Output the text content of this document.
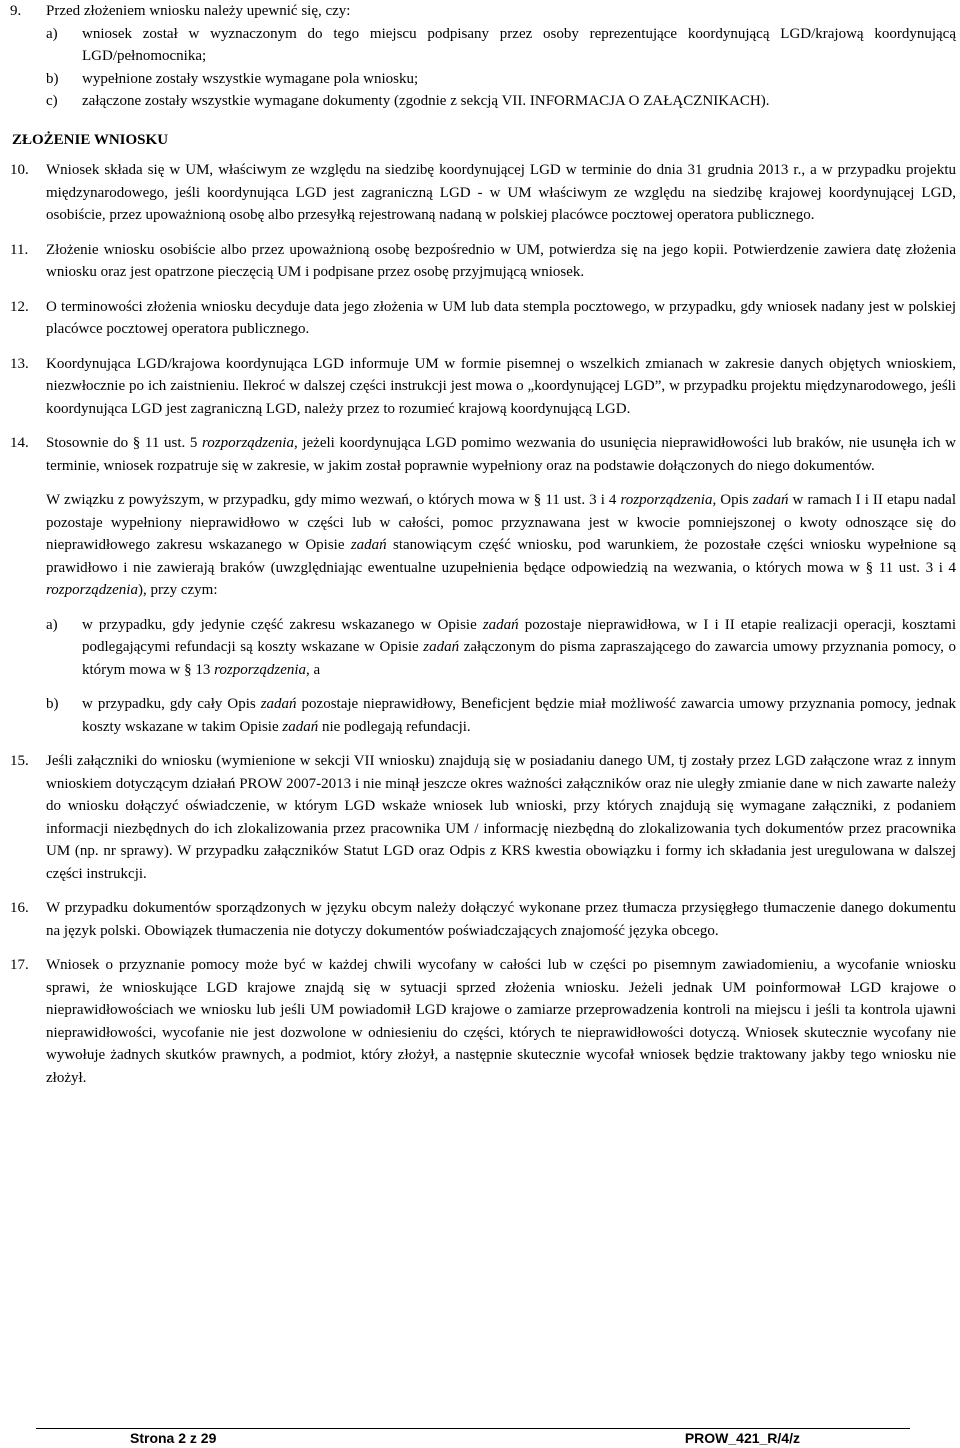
9.	Przed złożeniem wniosku należy upewnić się, czy:

a)	wniosek został w wyznaczonym do tego miejscu podpisany przez osoby reprezentujące koordynującą LGD/krajową koordynującą LGD/pełnomocnika;

b)	wypełnione zostały wszystkie wymagane pola wniosku;

c)	załączone zostały wszystkie wymagane dokumenty (zgodnie z sekcją VII. INFORMACJA O ZAŁĄCZNIKACH).

ZŁOŻENIE WNIOSKU

10.	Wniosek składa się w UM, właściwym ze względu na siedzibę koordynującej LGD w terminie do dnia 31 grudnia 2013 r., a w przypadku projektu międzynarodowego, jeśli koordynująca LGD jest zagraniczną LGD - w UM właściwym ze względu na siedzibę krajowej koordynującej LGD, osobiście, przez upoważnioną osobę albo przesyłką rejestrowaną nadaną w polskiej placówce pocztowej operatora publicznego.

11.	Złożenie wniosku osobiście albo przez upoważnioną osobę bezpośrednio w UM, potwierdza się na jego kopii. Potwierdzenie zawiera datę złożenia wniosku oraz jest opatrzone pieczęcią UM i podpisane przez osobę przyjmującą wniosek.

12.	O terminowości złożenia wniosku decyduje data jego złożenia w UM lub data stempla pocztowego, w przypadku, gdy wniosek nadany jest w polskiej placówce pocztowej operatora publicznego.

13.	Koordynująca LGD/krajowa koordynująca LGD informuje UM w formie pisemnej o wszelkich zmianach w zakresie danych objętych wnioskiem, niezwłocznie po ich zaistnieniu. Ilekroć w dalszej części instrukcji jest mowa o „koordynującej LGD”, w przypadku projektu międzynarodowego, jeśli koordynująca LGD jest zagraniczną LGD, należy przez to rozumieć krajową koordynującą LGD.

14.	Stosownie do § 11 ust. 5 rozporządzenia, jeżeli koordynująca LGD pomimo wezwania do usunięcia nieprawidłowości lub braków, nie usunęła ich w terminie, wniosek rozpatruje się w zakresie, w jakim został poprawnie wypełniony oraz na podstawie dołączonych do niego dokumentów.

W związku z powyższym, w przypadku, gdy mimo wezwań, o których mowa w § 11 ust. 3 i 4 rozporządzenia, Opis zadań w ramach I i II etapu nadal pozostaje wypełniony nieprawidłowo w części lub w całości, pomoc przyznawana jest w kwocie pomniejszonej o kwoty odnoszące się do nieprawidłowego zakresu wskazanego w Opisie zadań stanowiącym część wniosku, pod warunkiem, że pozostałe części wniosku wypełnione są prawidłowo i nie zawierają braków (uwzględniając ewentualne uzupełnienia będące odpowiedzią na wezwania, o których mowa w § 11 ust. 3 i 4 rozporządzenia), przy czym:

a)	w przypadku, gdy jedynie część zakresu wskazanego w Opisie zadań pozostaje nieprawidłowa, w I i II etapie realizacji operacji, kosztami podlegającymi refundacji są koszty wskazane w Opisie zadań załączonym do pisma zapraszającego do zawarcia umowy przyznania pomocy, o którym mowa w § 13 rozporządzenia, a

b)	w przypadku, gdy cały Opis zadań pozostaje nieprawidłowy, Beneficjent będzie miał możliwość zawarcia umowy przyznania pomocy, jednak koszty wskazane w takim Opisie zadań nie podlegają refundacji.

15.	Jeśli załączniki do wniosku (wymienione w sekcji VII wniosku) znajdują się w posiadaniu danego UM, tj zostały przez LGD załączone wraz z innym wnioskiem dotyczącym działań PROW 2007-2013 i nie minął jeszcze okres ważności załączników oraz nie uległy zmianie dane w nich zawarte należy do wniosku dołączyć oświadczenie, w którym LGD wskaże wniosek lub wnioski, przy których znajdują się wymagane załączniki, z podaniem informacji niezbędnych do ich zlokalizowania przez pracownika UM / informację niezbędną do zlokalizowania tych dokumentów przez pracownika UM (np. nr sprawy). W przypadku załączników Statut LGD oraz Odpis z KRS kwestia obowiązku i formy ich składania jest uregulowana w dalszej części instrukcji.

16.	W przypadku dokumentów sporządzonych w języku obcym należy dołączyć wykonane przez tłumacza przysięgłego tłumaczenie danego dokumentu na język polski. Obowiązek tłumaczenia nie dotyczy dokumentów poświadczających znajomość języka obcego.

17.	Wniosek o przyznanie pomocy może być w każdej chwili wycofany w całości lub w części po pisemnym zawiadomieniu, a wycofanie wniosku sprawi, że wnioskujące LGD krajowe znajdą się w sytuacji sprzed złożenia wniosku. Jeżeli jednak UM poinformował LGD krajowe o nieprawidłowościach we wniosku lub jeśli UM powiadomił LGD krajowe o zamiarze przeprowadzenia kontroli na miejscu i jeśli ta kontrola ujawni nieprawidłowości, wycofanie nie jest dozwolone w odniesieniu do części, których te nieprawidłowości dotyczą. Wniosek skutecznie wycofany nie wywołuje żadnych skutków prawnych, a podmiot, który złożył, a następnie skutecznie wycofał wniosek będzie traktowany jakby tego wniosku nie złożył.

Strona 2 z 29	PROW_421_R/4/z
